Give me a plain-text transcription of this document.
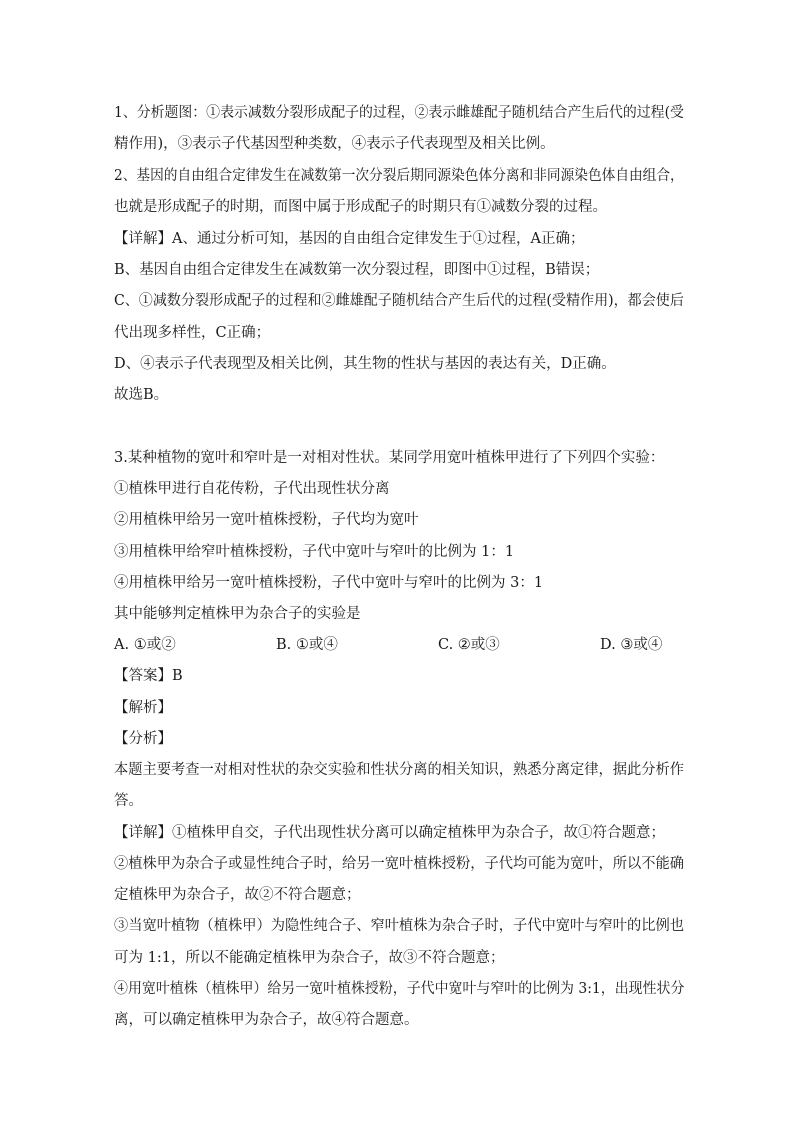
1、分析题图：①表示减数分裂形成配子的过程，②表示雌雄配子随机结合产生后代的过程(受
精作用)，③表示子代基因型种类数，④表示子代表现型及相关比例。
2、基因的自由组合定律发生在减数第一次分裂后期同源染色体分离和非同源染色体自由组合，
也就是形成配子的时期，而图中属于形成配子的时期只有①减数分裂的过程。
【详解】A、通过分析可知，基因的自由组合定律发生于①过程，A正确；
B、基因自由组合定律发生在减数第一次分裂过程，即图中①过程，B错误；
C、①减数分裂形成配子的过程和②雌雄配子随机结合产生后代的过程(受精作用)，都会使后
代出现多样性，C正确；
D、④表示子代表现型及相关比例，其生物的性状与基因的表达有关，D正确。
故选B。
3.某种植物的宽叶和窄叶是一对相对性状。某同学用宽叶植株甲进行了下列四个实验：
①植株甲进行自花传粉，子代出现性状分离
②用植株甲给另一宽叶植株授粉，子代均为宽叶
③用植株甲给窄叶植株授粉，子代中宽叶与窄叶的比例为 1：1
④用植株甲给另一宽叶植株授粉，子代中宽叶与窄叶的比例为 3：1
其中能够判定植株甲为杂合子的实验是
A. ①或②	B. ①或④	C. ②或③	D. ③或④
【答案】B
【解析】
【分析】
本题主要考查一对相对性状的杂交实验和性状分离的相关知识，熟悉分离定律，据此分析作
答。
【详解】①植株甲自交，子代出现性状分离可以确定植株甲为杂合子，故①符合题意；
②植株甲为杂合子或显性纯合子时，给另一宽叶植株授粉，子代均可能为宽叶，所以不能确
定植株甲为杂合子，故②不符合题意；
③当宽叶植物（植株甲）为隐性纯合子、窄叶植株为杂合子时，子代中宽叶与窄叶的比例也
可为 1:1，所以不能确定植株甲为杂合子，故③不符合题意；
④用宽叶植株（植株甲）给另一宽叶植株授粉，子代中宽叶与窄叶的比例为 3:1，出现性状分
离，可以确定植株甲为杂合子，故④符合题意。
